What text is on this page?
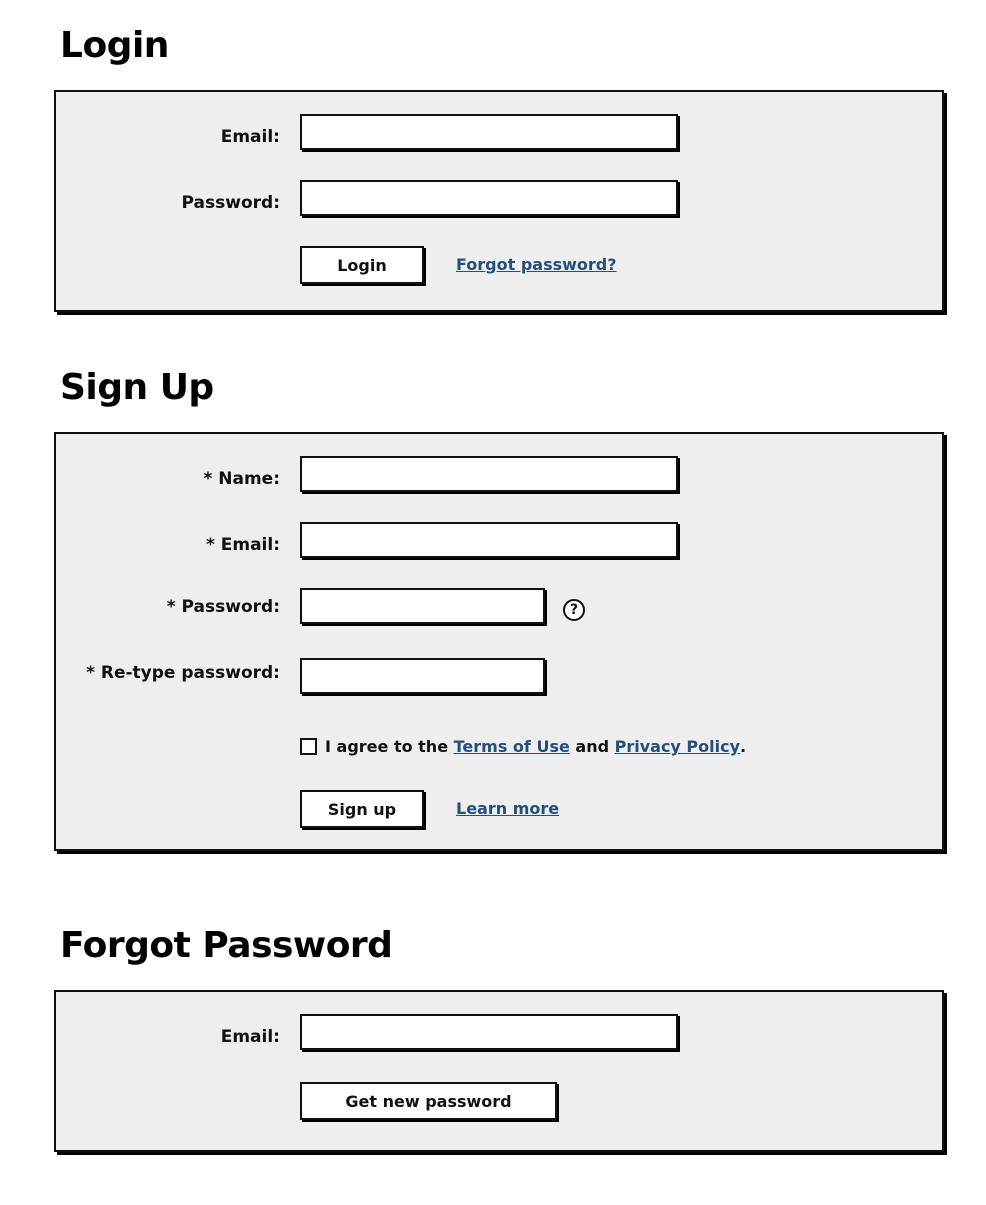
Login
Email:
Password:
Login	Forgot password?
Sign Up
* Name:
* Email:
* Password:	?
* Re-type password:
I agree to the
Terms of Use
and
Privacy Policy .
Sign up	Learn more
Forgot Password
Email:
Get new password
